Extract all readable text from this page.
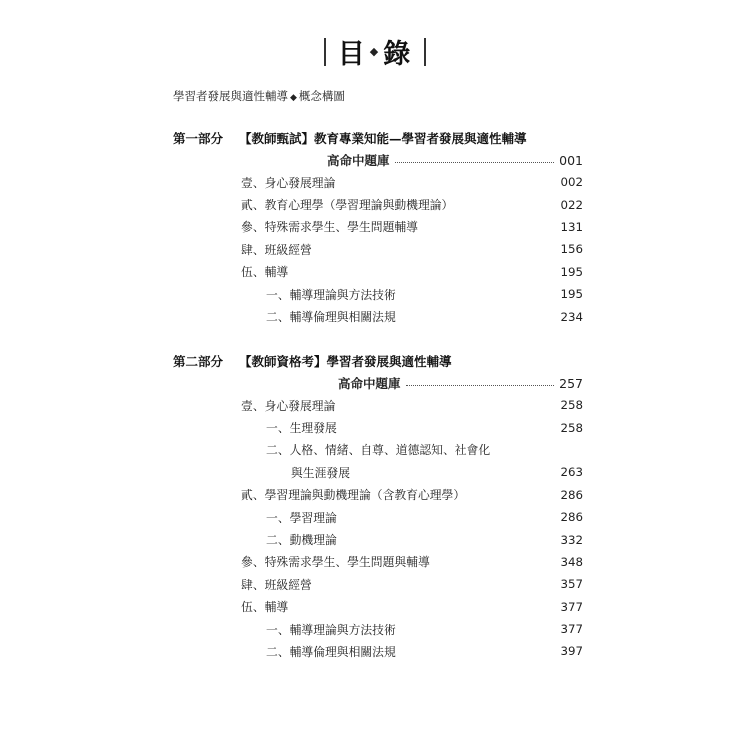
目 ◆ 錄
學習者發展與適性輔導 ◆ 概念構圖
第一部分	【教師甄試】教育專業知能—學習者發展與適性輔導
高命中題庫	001
壹、身心發展理論	002
貳、教育心理學（學習理論與動機理論）	022
參、特殊需求學生、學生問題輔導	131
肆、班級經營	156
伍、輔導	195
一、輔導理論與方法技術	195
二、輔導倫理與相關法規	234
第二部分	【教師資格考】學習者發展與適性輔導
高命中題庫	257
壹、身心發展理論	258
一、生理發展	258
二、人格、情緒、自尊、道德認知、社會化
與生涯發展	263
貳、學習理論與動機理論（含教育心理學）	286
一、學習理論	286
二、動機理論	332
參、特殊需求學生、學生問題與輔導	348
肆、班級經營	357
伍、輔導	377
一、輔導理論與方法技術	377
二、輔導倫理與相關法規	397
